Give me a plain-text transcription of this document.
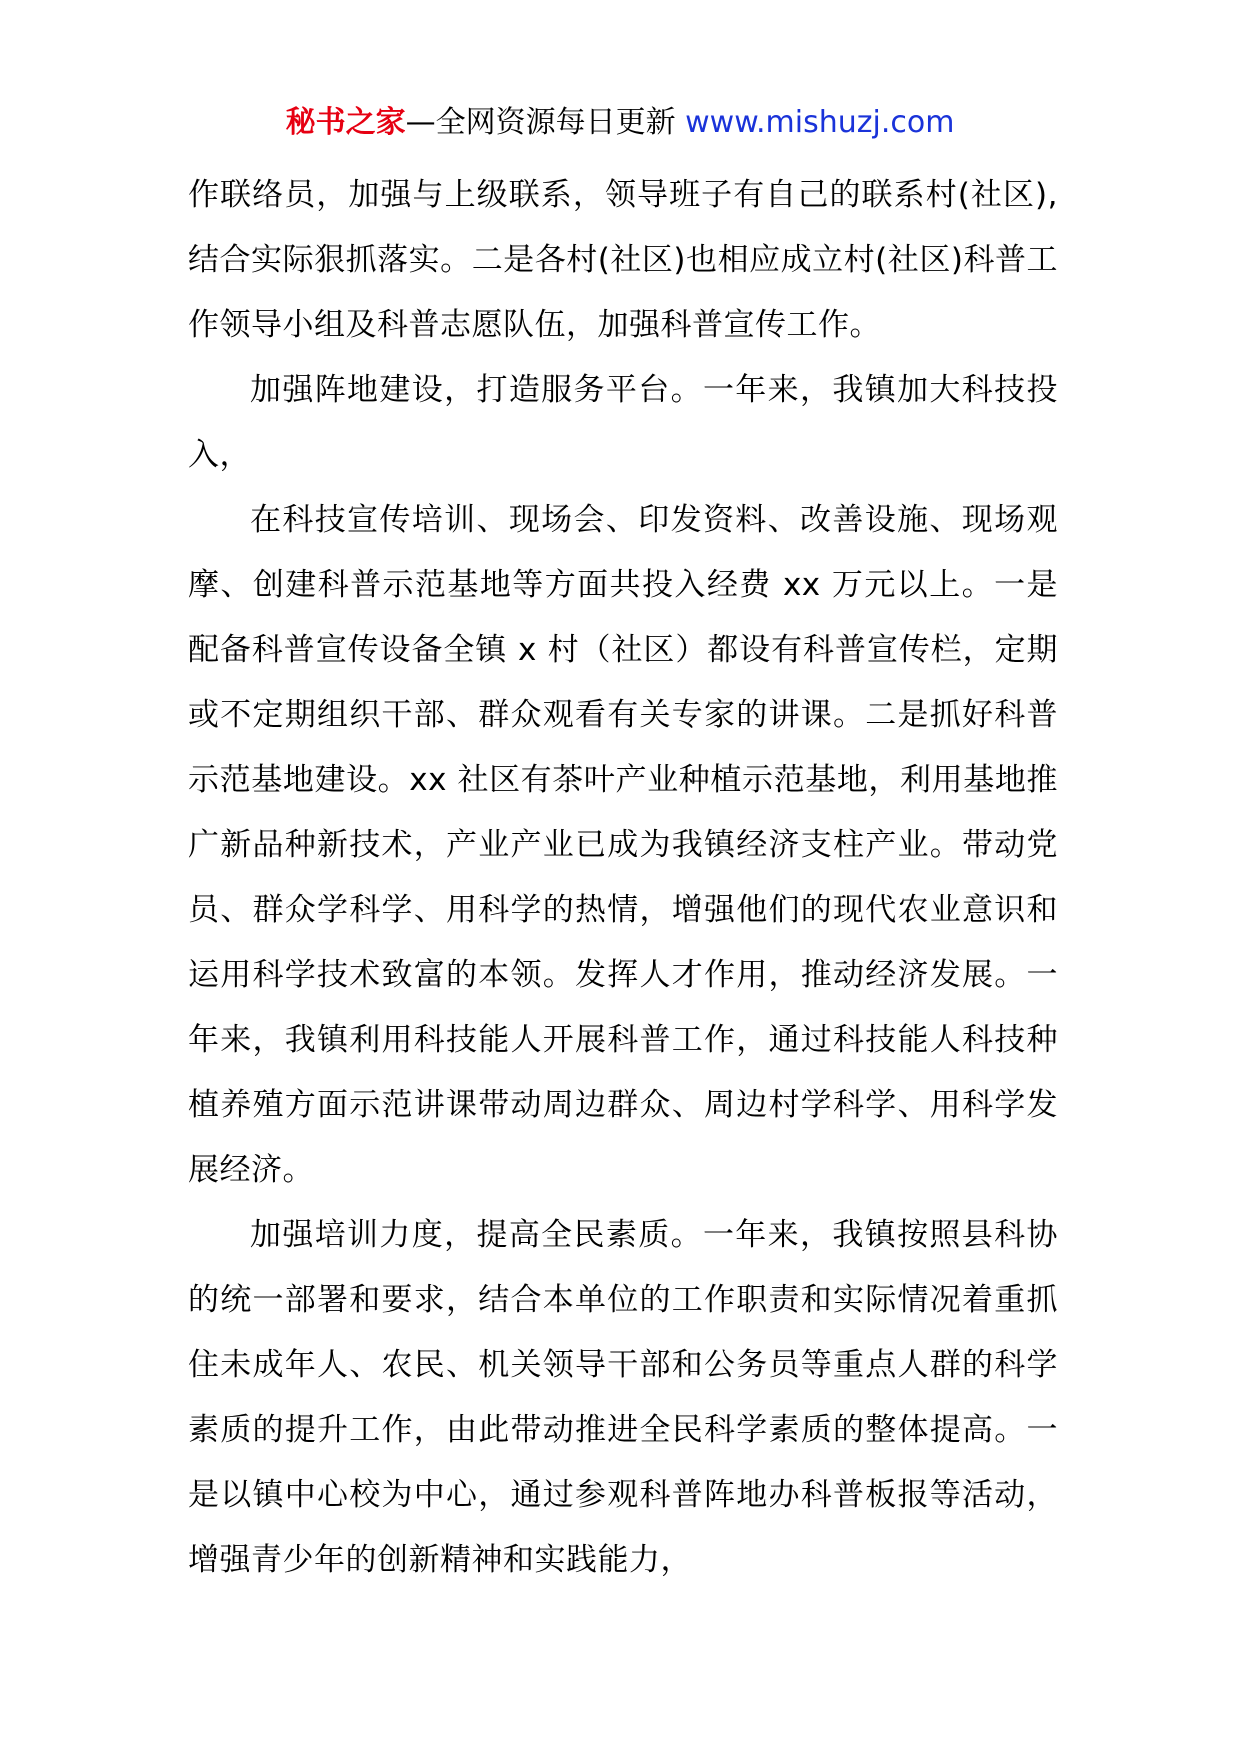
秘书之家—全网资源每日更新 www.mishuzj.com

作联络员，加强与上级联系，领导班子有自己的联系村(社区),结合实际狠抓落实。二是各村(社区)也相应成立村(社区)科普工作领导小组及科普志愿队伍，加强科普宣传工作。

加强阵地建设，打造服务平台。一年来，我镇加大科技投入，

在科技宣传培训、现场会、印发资料、改善设施、现场观摩、创建科普示范基地等方面共投入经费 xx 万元以上。一是配备科普宣传设备全镇 x 村（社区）都设有科普宣传栏，定期或不定期组织干部、群众观看有关专家的讲课。二是抓好科普示范基地建设。xx 社区有茶叶产业种植示范基地，利用基地推广新品种新技术，产业产业已成为我镇经济支柱产业。带动党员、群众学科学、用科学的热情，增强他们的现代农业意识和运用科学技术致富的本领。发挥人才作用，推动经济发展。一年来，我镇利用科技能人开展科普工作，通过科技能人科技种植养殖方面示范讲课带动周边群众、周边村学科学、用科学发展经济。

加强培训力度，提高全民素质。一年来，我镇按照县科协的统一部署和要求，结合本单位的工作职责和实际情况着重抓住未成年人、农民、机关领导干部和公务员等重点人群的科学素质的提升工作，由此带动推进全民科学素质的整体提高。一是以镇中心校为中心，通过参观科普阵地办科普板报等活动，增强青少年的创新精神和实践能力，
